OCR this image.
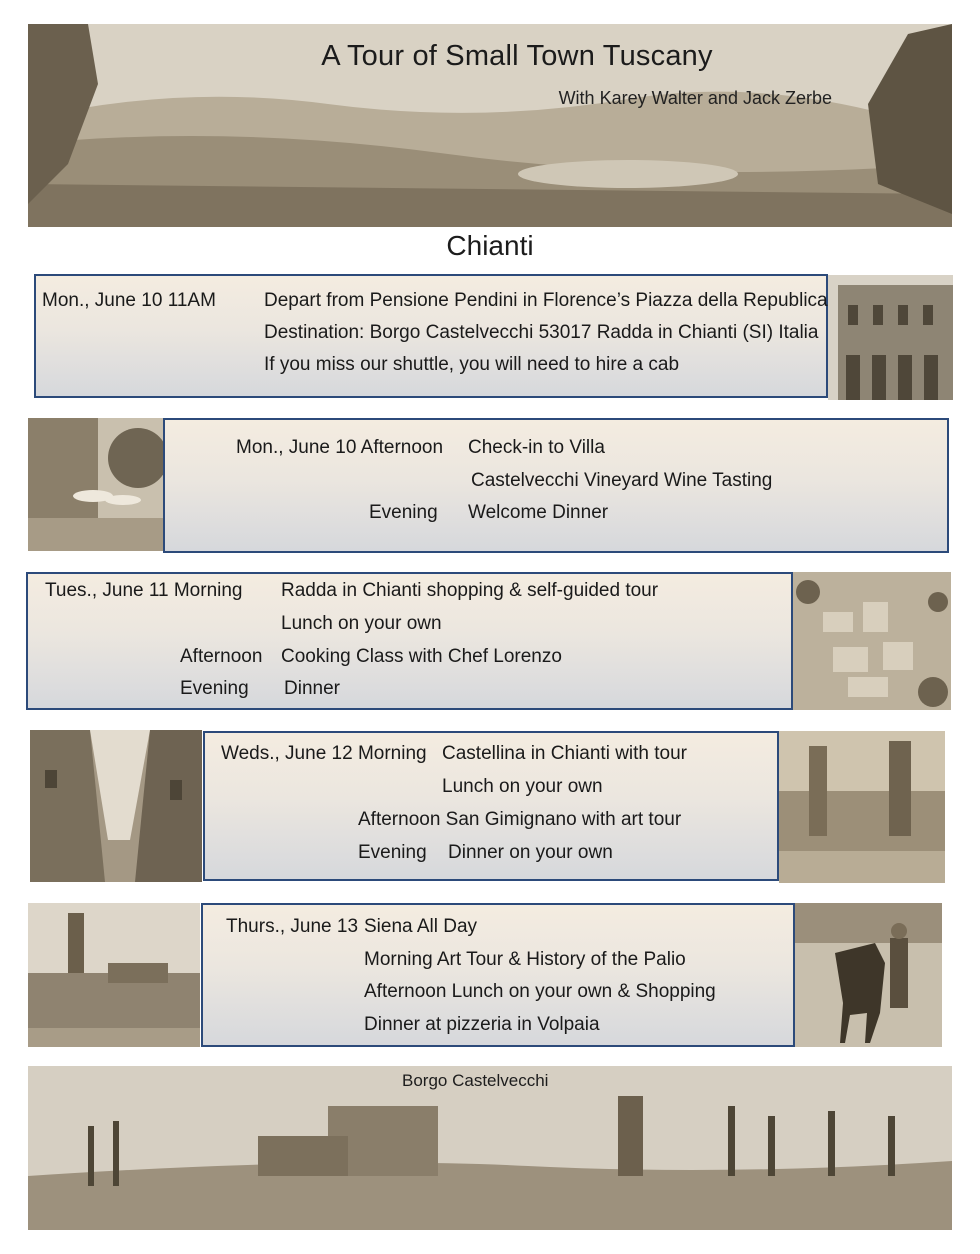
A Tour of Small Town Tuscany
With Karey Walter and Jack Zerbe
Chianti
Mon., June 10 11AM	Depart from Pensione Pendini in Florence’s Piazza della Republica
Destination: Borgo Castelvecchi 53017 Radda in Chianti (SI) Italia
If you miss our shuttle, you will need to hire a cab
Mon., June 10 Afternoon Check-in to Villa
Castelvecchi Vineyard Wine Tasting
Evening Welcome Dinner
Tues., June 11 Morning Radda in Chianti shopping & self-guided tour
Lunch on your own
Afternoon Cooking Class with Chef Lorenzo
Evening Dinner
Weds., June 12 Morning Castellina in Chianti with tour
Lunch on your own
Afternoon San Gimignano with art tour
Evening Dinner on your own
Thurs., June 13 Siena All Day
Morning Art Tour & History of the Palio
Afternoon Lunch on your own & Shopping
Dinner at pizzeria in Volpaia
Borgo Castelvecchi
